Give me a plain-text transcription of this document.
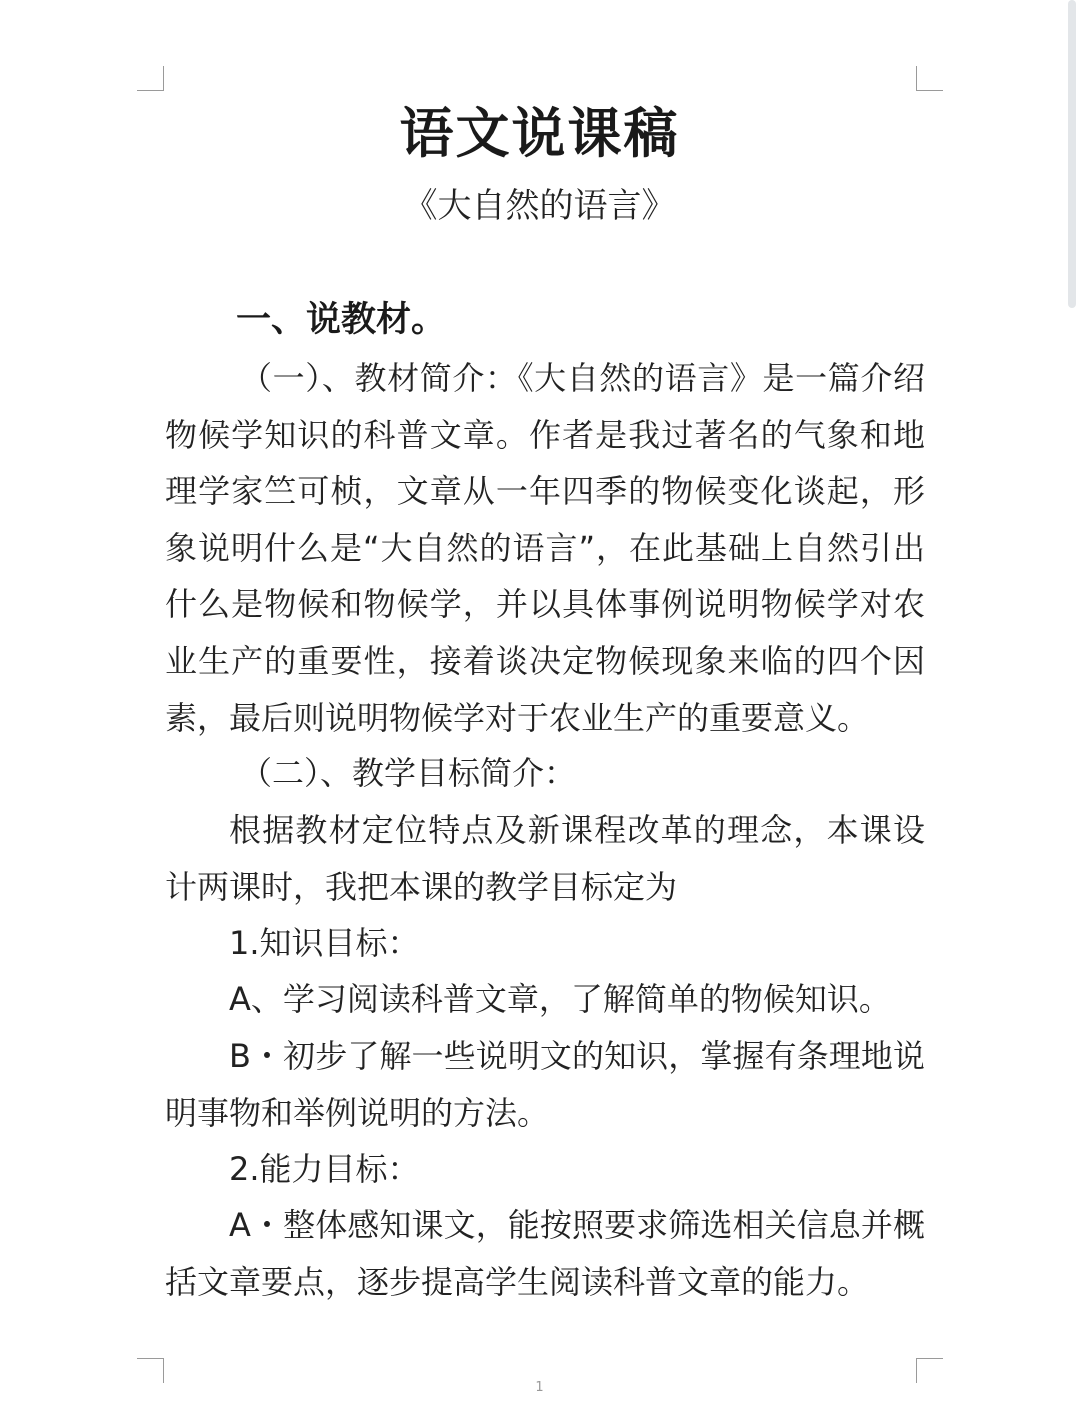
语文说课稿
《大自然的语言》
一、说教材。

（一）、教材简介：《大自然的语言》是一篇介绍物候学知识的科普文章。作者是我过著名的气象和地理学家竺可桢，文章从一年四季的物候变化谈起，形象说明什么是“大自然的语言”，在此基础上自然引出什么是物候和物候学，并以具体事例说明物候学对农业生产的重要性，接着谈决定物候现象来临的四个因素，最后则说明物候学对于农业生产的重要意义。

（二）、教学目标简介：

根据教材定位特点及新课程改革的理念，本课设计两课时，我把本课的教学目标定为

1.知识目标：

A、学习阅读科普文章，了解简单的物候知识。

B・初步了解一些说明文的知识，掌握有条理地说明事物和举例说明的方法。

2.能力目标：

A・整体感知课文，能按照要求筛选相关信息并概括文章要点，逐步提高学生阅读科普文章的能力。

1
